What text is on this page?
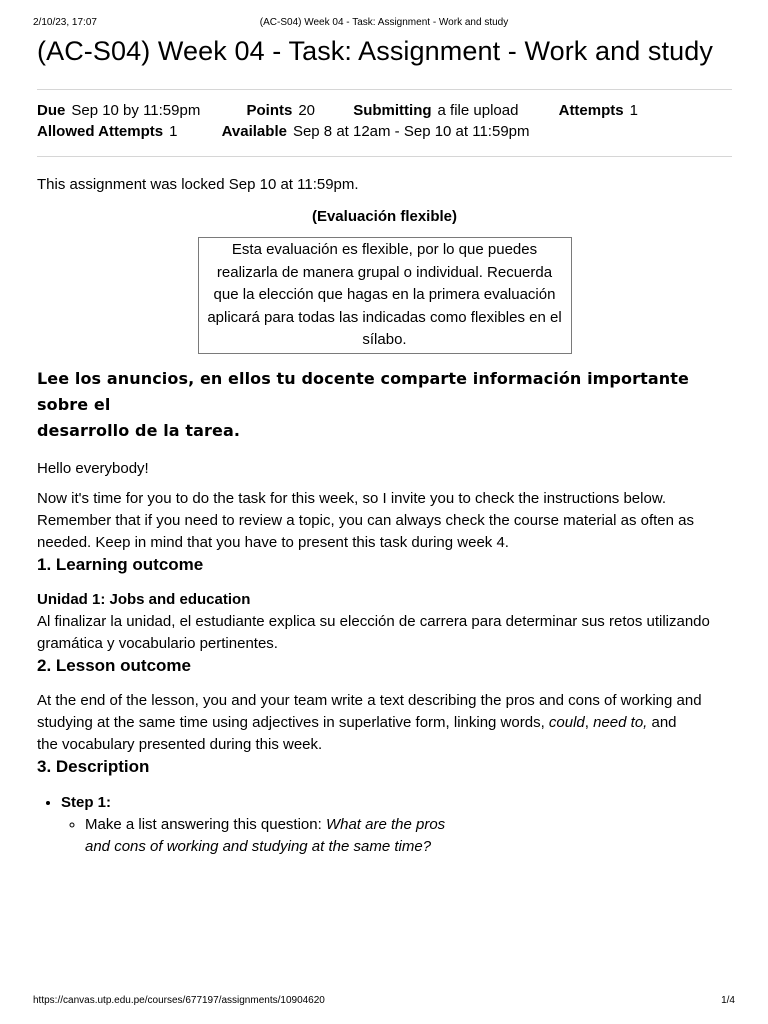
2/10/23, 17:07	(AC-S04) Week 04 - Task: Assignment - Work and study
(AC-S04) Week 04 - Task: Assignment - Work and study
Due Sep 10 by 11:59pm	Points 20	Submitting a file upload	Attempts 1
Allowed Attempts 1	Available Sep 8 at 12am - Sep 10 at 11:59pm

This assignment was locked Sep 10 at 11:59pm.

(Evaluación flexible)

Esta evaluación es flexible, por lo que puedes
realizarla de manera grupal o individual. Recuerda
que la elección que hagas en la primera evaluación
aplicará para todas las indicadas como flexibles en el
sílabo.
Lee los anuncios, en ellos tu docente comparte información importante sobre el
desarrollo de la tarea.

Hello everybody!

Now it's time for you to do the task for this week, so I invite you to check the instructions below.

Remember that if you need to review a topic, you can always check the course material as often as

needed. Keep in mind that you have to present this task during week 4.

1. Learning outcome

Unidad 1: Jobs and education

Al finalizar la unidad, el estudiante explica su elección de carrera para determinar sus retos utilizando

gramática y vocabulario pertinentes.

2. Lesson outcome

At the end of the lesson, you and your team write a text describing the pros and cons of working and

studying at the same time using adjectives in superlative form, linking words, could, need to, and

the vocabulary presented during this week.

3. Description
• Step 1:
◦ Make a list answering this question: What are the pros
and cons of working and studying at the same time?
https://canvas.utp.edu.pe/courses/677197/assignments/10904620	1/4
